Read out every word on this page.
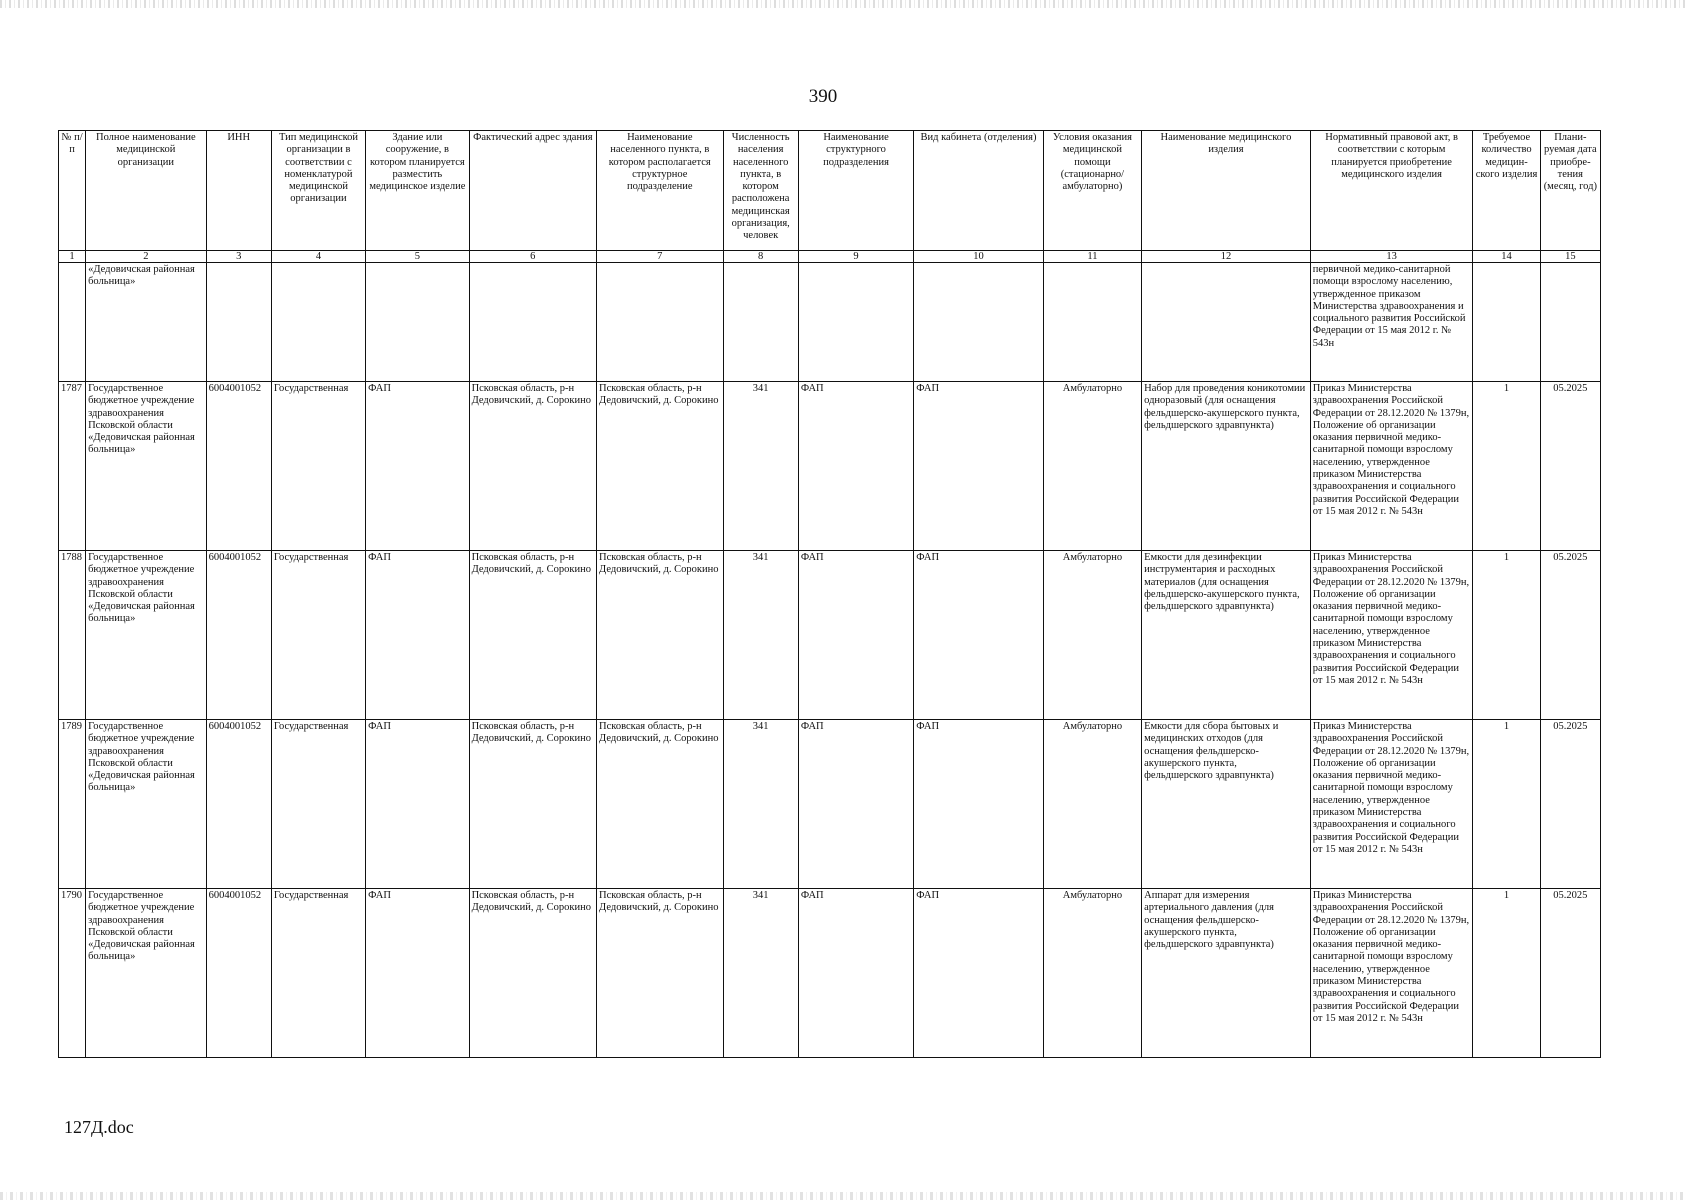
390
№ п/п	Полное наименование медицинской организации	ИНН	Тип медицинской организации в соответствии с номенклатурой медицинской организации	Здание или сооружение, в котором планируется разместить медицинское изделие	Фактический адрес здания	Наименование населенного пункта, в котором располагается структурное подразделение	Численность населения населенного пункта, в котором расположена медицинская организация, человек	Наименование структурного подразделения	Вид кабинета (отделения)	Условия оказания медицинской помощи (стационарно/ амбулаторно)	Наименование медицинского изделия	Нормативный правовой акт, в соответствии с которым планируется приобретение медицинского изделия	Требуемое количество медицин-ского изделия	Плани-руемая дата приобре-тения (месяц, год)
1	2	3	4	5	6	7	8	9	10	11	12	13	14	15
	«Дедовичская районная больница»											первичной медико-санитарной помощи взрослому населению, утвержденное приказом Министерства здравоохранения и социального развития Российской Федерации от 15 мая 2012 г. № 543н		
1787	Государственное бюджетное учреждение здравоохранения Псковской области «Дедовичская районная больница»	6004001052	Государственная	ФАП	Псковская область, р-н Дедовичский, д. Сорокино	Псковская область, р-н Дедовичский, д. Сорокино	341	ФАП	ФАП	Амбулаторно	Набор для проведения коникотомии одноразовый (для оснащения фельдшерско-акушерского пункта, фельдшерского здравпункта)	Приказ Министерства здравоохранения Российской Федерации от 28.12.2020 № 1379н, Положение об организации оказания первичной медико-санитарной помощи взрослому населению, утвержденное приказом Министерства здравоохранения и социального развития Российской Федерации от 15 мая 2012 г. № 543н	1	05.2025
1788	Государственное бюджетное учреждение здравоохранения Псковской области «Дедовичская районная больница»	6004001052	Государственная	ФАП	Псковская область, р-н Дедовичский, д. Сорокино	Псковская область, р-н Дедовичский, д. Сорокино	341	ФАП	ФАП	Амбулаторно	Емкости для дезинфекции инструментария и расходных материалов (для оснащения фельдшерско-акушерского пункта, фельдшерского здравпункта)	Приказ Министерства здравоохранения Российской Федерации от 28.12.2020 № 1379н, Положение об организации оказания первичной медико-санитарной помощи взрослому населению, утвержденное приказом Министерства здравоохранения и социального развития Российской Федерации от 15 мая 2012 г. № 543н	1	05.2025
1789	Государственное бюджетное учреждение здравоохранения Псковской области «Дедовичская районная больница»	6004001052	Государственная	ФАП	Псковская область, р-н Дедовичский, д. Сорокино	Псковская область, р-н Дедовичский, д. Сорокино	341	ФАП	ФАП	Амбулаторно	Емкости для сбора бытовых и медицинских отходов (для оснащения фельдшерско-акушерского пункта, фельдшерского здравпункта)	Приказ Министерства здравоохранения Российской Федерации от 28.12.2020 № 1379н, Положение об организации оказания первичной медико-санитарной помощи взрослому населению, утвержденное приказом Министерства здравоохранения и социального развития Российской Федерации от 15 мая 2012 г. № 543н	1	05.2025
1790	Государственное бюджетное учреждение здравоохранения Псковской области «Дедовичская районная больница»	6004001052	Государственная	ФАП	Псковская область, р-н Дедовичский, д. Сорокино	Псковская область, р-н Дедовичский, д. Сорокино	341	ФАП	ФАП	Амбулаторно	Аппарат для измерения артериального давления (для оснащения фельдшерско-акушерского пункта, фельдшерского здравпункта)	Приказ Министерства здравоохранения Российской Федерации от 28.12.2020 № 1379н, Положение об организации оказания первичной медико-санитарной помощи взрослому населению, утвержденное приказом Министерства здравоохранения и социального развития Российской Федерации от 15 мая 2012 г. № 543н	1	05.2025
127Д.doc
